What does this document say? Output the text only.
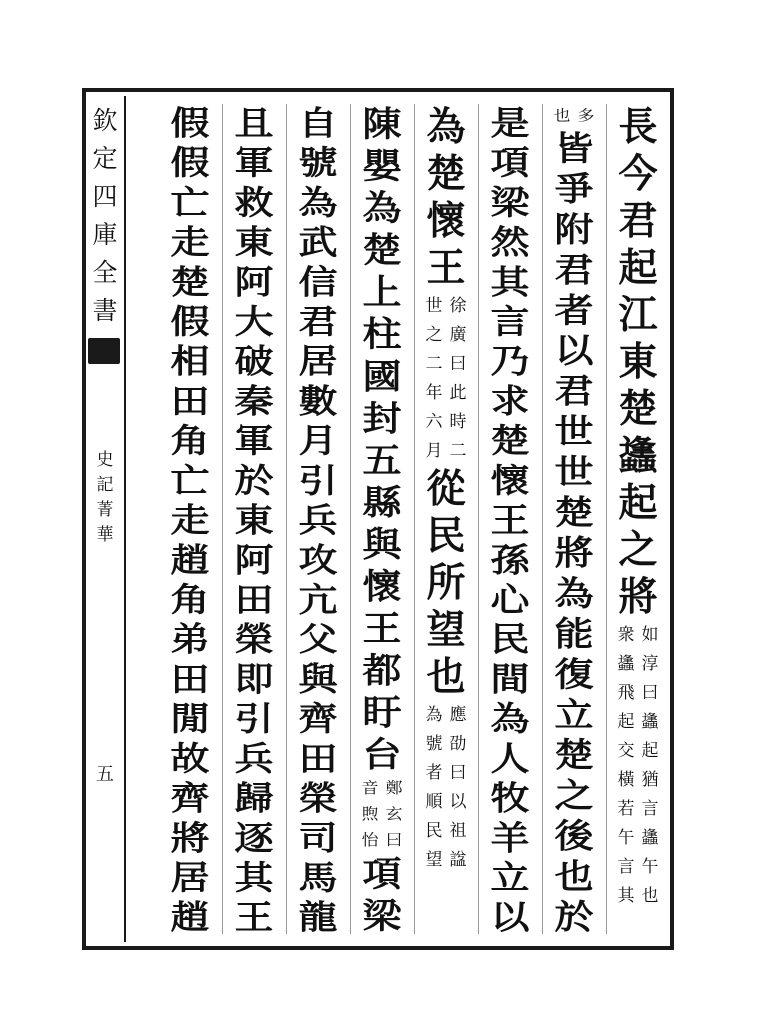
欽
定
四
庫
全
書
史
記
菁
華
五
長
今
君
起
江
東
楚
蠭
起
之
將
如
淳
曰
蠭
起
猶
言
蠭
午
也
衆
蠭
飛
起
交
橫
若
午
言
其
多
也
皆
爭
附
君
者
以
君
世
世
楚
將
為
能
復
立
楚
之
後
也
於
是
項
梁
然
其
言
乃
求
楚
懷
王
孫
心
民
間
為
人
牧
羊
立
以
為
楚
懷
王
徐
廣
曰
此
時
二
世
之
二
年
六
月
從
民
所
望
也
應
劭
曰
以
祖
諡
為
號
者
順
民
望
陳
嬰
為
楚
上
柱
國
封
五
縣
與
懷
王
都
盱
台
鄭
玄
曰
音
煦
怡
項
梁
自
號
為
武
信
君
居
數
月
引
兵
攻
亢
父
與
齊
田
榮
司
馬
龍
且
軍
救
東
阿
大
破
秦
軍
於
東
阿
田
榮
即
引
兵
歸
逐
其
王
假
假
亡
走
楚
假
相
田
角
亡
走
趙
角
弟
田
閒
故
齊
將
居
趙
